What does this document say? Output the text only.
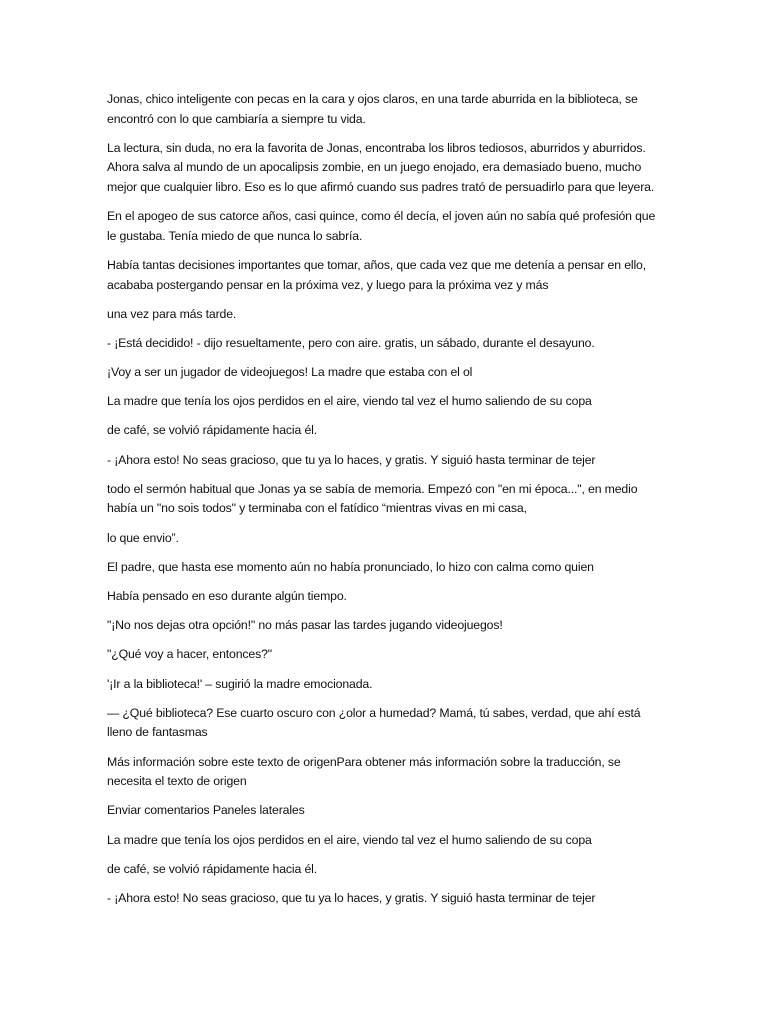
Jonas, chico inteligente con pecas en la cara y ojos claros, en una tarde aburrida en la biblioteca, se encontró con lo que cambiaría a siempre tu vida.

La lectura, sin duda, no era la favorita de Jonas, encontraba los libros tediosos, aburridos y aburridos. Ahora salva al mundo de un apocalipsis zombie, en un juego enojado, era demasiado bueno, mucho mejor que cualquier libro. Eso es lo que afirmó cuando sus padres trató de persuadirlo para que leyera.

En el apogeo de sus catorce años, casi quince, como él decía, el joven aún no sabía qué profesión que le gustaba. Tenía miedo de que nunca lo sabría.

Había tantas decisiones importantes que tomar, años, que cada vez que me detenía a pensar en ello, acababa postergando pensar en la próxima vez, y luego para la próxima vez y más

una vez para más tarde.

- ¡Está decidido! - dijo resueltamente, pero con aire. gratis, un sábado, durante el desayuno.

¡Voy a ser un jugador de videojuegos! La madre que estaba con el ol

La madre que tenía los ojos perdidos en el aire, viendo tal vez el humo saliendo de su copa

de café, se volvió rápidamente hacia él.

- ¡Ahora esto! No seas gracioso, que tu ya lo haces, y gratis. Y siguió hasta terminar de tejer

todo el sermón habitual que Jonas ya se sabía de memoria. Empezó con "en mi época...", en medio había un "no sois todos" y terminaba con el fatídico “mientras vivas en mi casa,

lo que envio”.

El padre, que hasta ese momento aún no había pronunciado, lo hizo con calma como quien

Había pensado en eso durante algún tiempo.

"¡No nos dejas otra opción!" no más pasar las tardes jugando videojuegos!

"¿Qué voy a hacer, entonces?"

'¡Ir a la biblioteca!' – sugirió la madre emocionada.

— ¿Qué biblioteca? Ese cuarto oscuro con ¿olor a humedad? Mamá, tú sabes, verdad, que ahí está lleno de fantasmas

Más información sobre este texto de origenPara obtener más información sobre la traducción, se necesita el texto de origen

Enviar comentarios Paneles laterales

La madre que tenía los ojos perdidos en el aire, viendo tal vez el humo saliendo de su copa

de café, se volvió rápidamente hacia él.

- ¡Ahora esto! No seas gracioso, que tu ya lo haces, y gratis. Y siguió hasta terminar de tejer
